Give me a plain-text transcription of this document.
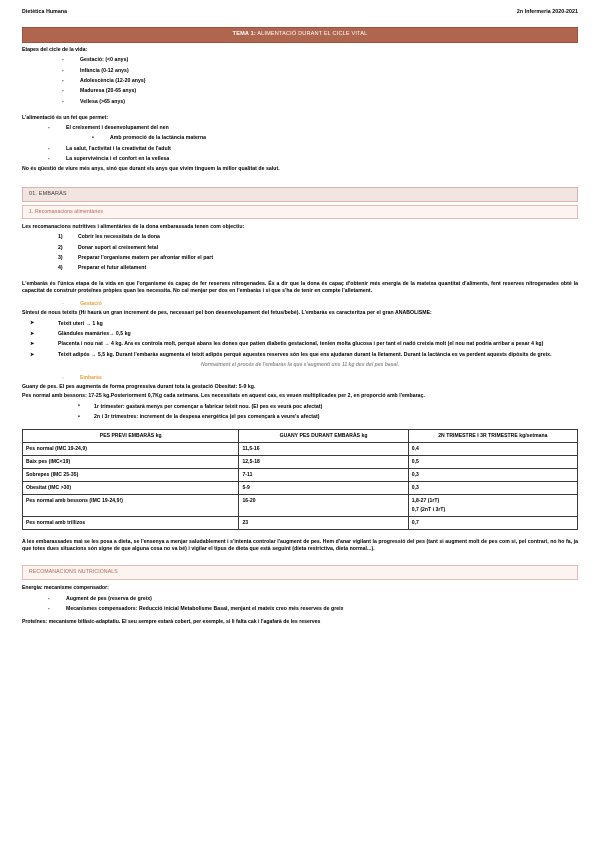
Dietètica Humana	2n Infermeria 2020-2021
TEMA 1: ALIMENTACIÓ DURANT EL CICLE VITAL
Etapes del cicle de la vida:
- Gestació: (<0 anys)
- Infància (0-12 anys)
- Adolescència (12-20 anys)
- Maduresa (20-65 anys)
- Vellesa (>65 anys)
L'alimentació és un fet que permet:
- El creixement i desenvolupament del nen
• Amb promoció de la lactància materna
- La salut, l'activitat i la creativitat de l'adult
- La supervivència i el confort en la vellesa
No és qüestió de viure més anys, sinó que durant els anys que vivim tinguem la millor qualitat de salut.
01. EMBARÀS
1. Recomanacions alimentàries
Les recomanacions nutritives i alimentàries de la dona embarassada tenen com objectiu:
Cobrir les necessitats de la dona
Donar suport al creixement fetal
Preparar l'organisme matern per afrontar millor el part
Preparar el futur alletament
L'embaràs és l'única etapa de la vida en que l'organisme és capaç de fer reserves nitrogenades. És a dir que la dona és capaç d'obtenir més energia de la mateixa quantitat d'aliments, fent reserves nitrogenades obté la capacitat de construir proteïnes pròpies quan les necessita. No cal menjar per dos en l'embaràs i si que s'ha de tenir en compte l'alletament.
- Gestació
Síntesi de nous teixits (Hi haurà un gran increment de pes, necessari pel bon desenvolupament del fetus/bebè). L'embaràs es caracteritza per el gran ANABOLISME:
➤ Teixit uteri → 1 kg
➤ Glàndules mamàries→ 0,5 kg
➤ Placenta i nou nat → 4 kg. Ara es controla molt, perquè abans les dones que patien diabetis gestacional, tenien molta glucosa i per tant el nadó creixia molt (el nou nat podria arribar a pesar 4 kg)
➤ Teixit adipós → 5,5 kg. Durant l'embaràs augmenta el teixit adipós perquè aquestes reserves són les que ens ajudaran durant la lletament. Durant la lactància es va perdent aquests dipòsits de greix.
Normalment el procés de l'embaràs fa que s'augmenti uns 11 kg des del pes basal.
- Embaràs
Guany de pes. El pes augmenta de forma progressiva durant tota la gestació Obesitat: 5-9 kg.
Pes normal amb bessons: 17-25 kg.Posteriorment 0,7Kg cada setmana. Les necessitats en aquest cas, es veuen multiplicades per 2, en proporció amb l'embaraç.
• 1r trimester: gastarà menys per començar a fabricar teixit nou. (El pes es veurà poc afectat)
• 2n i 3r trimestres: increment de la despesa energètica (el pes començarà a veure's afectat)
PES PREVI EMBARÀS kg	GUANY PES DURANT EMBARÀS kg	2N TRIMESTRE I 3R TRIMESTRE kg/setmana
Pes normal (IMC 19-24,9)	11,5-16	0,4
Baix pes (IMC<19)	12,5-18	0,5
Sobrepes (IMC 25-35)	7-11	0,3
Obesitat (IMC >30)	5-9	0,3
Pes normal amb bessons (IMC 19-24,9!)	16-20	1,8-27 (1rT)
0,7 (2nT i 3rT)

Pes normal amb trillizos	23	0,7
A les embarassades mai se les posa a dieta, se l'ensenya a menjar saludablement i s'intenta controlar l'augment de pes. Hem d'anar vigilant la progressió del pes (tant si augment molt de pes com si, pel contrari, no ho fa, ja que totes dues situacions són signe de que alguna cosa no va bé) i vigilar el tipus de dieta que està seguint (dieta restrictiva, dieta normal...).
RECOMANACIONS NUTRICIONALS
Energia: mecanisme compensador:
- Augment de pes (reserva de greix)
- Mecanismes compensadors: Reducció inicial Metabolisme Basal, menjant el mateix creo més reserves de greix
Proteïnes: mecanisme bifàsic-adaptatiu. El seu sempre estarà cobert, per exemple, si li falta cak i l'agafarà de les reserves
